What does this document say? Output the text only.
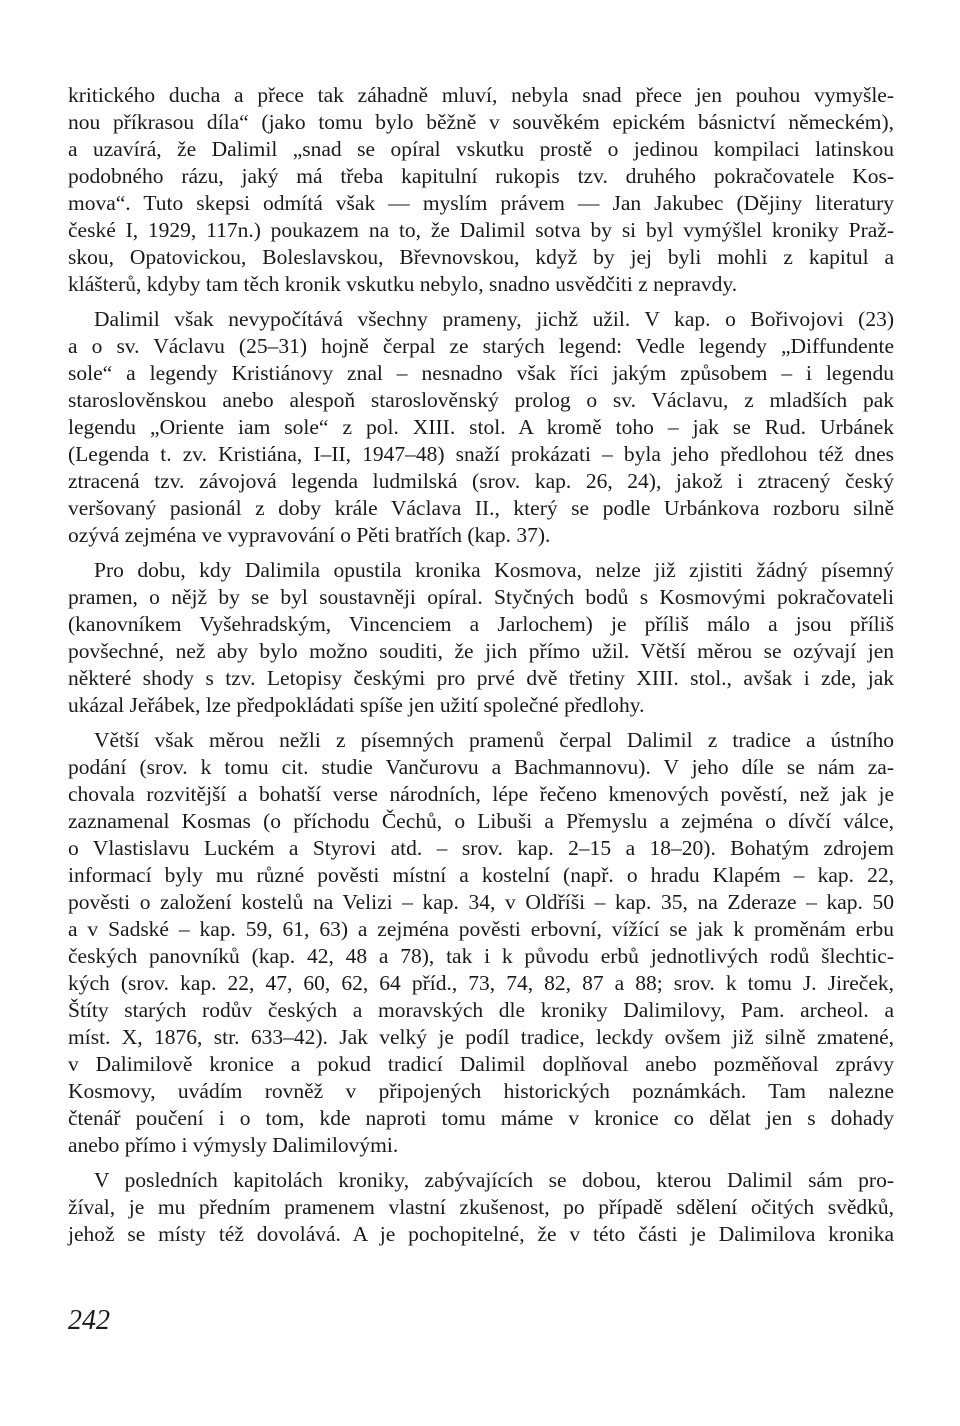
kritického ducha a přece tak záhadně mluví, nebyla snad přece jen pouhou vymyšle-
nou příkrasou díla“ (jako tomu bylo běžně v souvěkém epickém básnictví německém),
a uzavírá, že Dalimil „snad se opíral vskutku prostě o jedinou kompilaci latinskou
podobného rázu, jaký má třeba kapitulní rukopis tzv. druhého pokračovatele Kos-
mova“. Tuto skepsi odmítá však — myslím právem — Jan Jakubec (Dějiny literatury
české I, 1929, 117n.) poukazem na to, že Dalimil sotva by si byl vymýšlel kroniky Praž-
skou, Opatovickou, Boleslavskou, Břevnovskou, když by jej byli mohli z kapitul a
klášterů, kdyby tam těch kronik vskutku nebylo, snadno usvědčiti z nepravdy.
Dalimil však nevypočítává všechny prameny, jichž užil. V kap. o Bořivojovi (23)
a o sv. Václavu (25–31) hojně čerpal ze starých legend: Vedle legendy „Diffundente
sole“ a legendy Kristiánovy znal – nesnadno však říci jakým způsobem – i legendu
staroslověnskou anebo alespoň staroslověnský prolog o sv. Václavu, z mladších pak
legendu „Oriente iam sole“ z pol. XIII. stol. A kromě toho – jak se Rud. Urbánek
(Legenda t. zv. Kristiána, I–II, 1947–48) snaží prokázati – byla jeho předlohou též dnes
ztracená tzv. závojová legenda ludmilská (srov. kap. 26, 24), jakož i ztracený český
veršovaný pasionál z doby krále Václava II., který se podle Urbánkova rozboru silně
ozývá zejména ve vypravování o Pěti bratřích (kap. 37).
Pro dobu, kdy Dalimila opustila kronika Kosmova, nelze již zjistiti žádný písemný
pramen, o nějž by se byl soustavněji opíral. Styčných bodů s Kosmovými pokračovateli
(kanovníkem Vyšehradským, Vincenciem a Jarlochem) je příliš málo a jsou příliš
povšechné, než aby bylo možno souditi, že jich přímo užil. Větší měrou se ozývají jen
některé shody s tzv. Letopisy českými pro prvé dvě třetiny XIII. stol., avšak i zde, jak
ukázal Jeřábek, lze předpokládati spíše jen užití společné předlohy.
Větší však měrou nežli z písemných pramenů čerpal Dalimil z tradice a ústního
podání (srov. k tomu cit. studie Vančurovu a Bachmannovu). V jeho díle se nám za-
chovala rozvitější a bohatší verse národních, lépe řečeno kmenových pověstí, než jak je
zaznamenal Kosmas (o příchodu Čechů, o Libuši a Přemyslu a zejména o dívčí válce,
o Vlastislavu Luckém a Styrovi atd. – srov. kap. 2–15 a 18–20). Bohatým zdrojem
informací byly mu různé pověsti místní a kostelní (např. o hradu Klapém – kap. 22,
pověsti o založení kostelů na Velizi – kap. 34, v Oldříši – kap. 35, na Zderaze – kap. 50
a v Sadské – kap. 59, 61, 63) a zejména pověsti erbovní, vížící se jak k proměnám erbu
českých panovníků (kap. 42, 48 a 78), tak i k původu erbů jednotlivých rodů šlechtic-
kých (srov. kap. 22, 47, 60, 62, 64 příd., 73, 74, 82, 87 a 88; srov. k tomu J. Jireček,
Štíty starých rodův českých a moravských dle kroniky Dalimilovy, Pam. archeol. a
míst. X, 1876, str. 633–42). Jak velký je podíl tradice, leckdy ovšem již silně zmatené,
v Dalimilově kronice a pokud tradicí Dalimil doplňoval anebo pozměňoval zprávy
Kosmovy, uvádím rovněž v připojených historických poznámkách. Tam nalezne
čtenář poučení i o tom, kde naproti tomu máme v kronice co dělat jen s dohady
anebo přímo i výmysly Dalimilovými.
V posledních kapitolách kroniky, zabývajících se dobou, kterou Dalimil sám pro-
žíval, je mu předním pramenem vlastní zkušenost, po případě sdělení očitých svědků,
jehož se místy též dovolává. A je pochopitelné, že v této části je Dalimilova kronika
242
